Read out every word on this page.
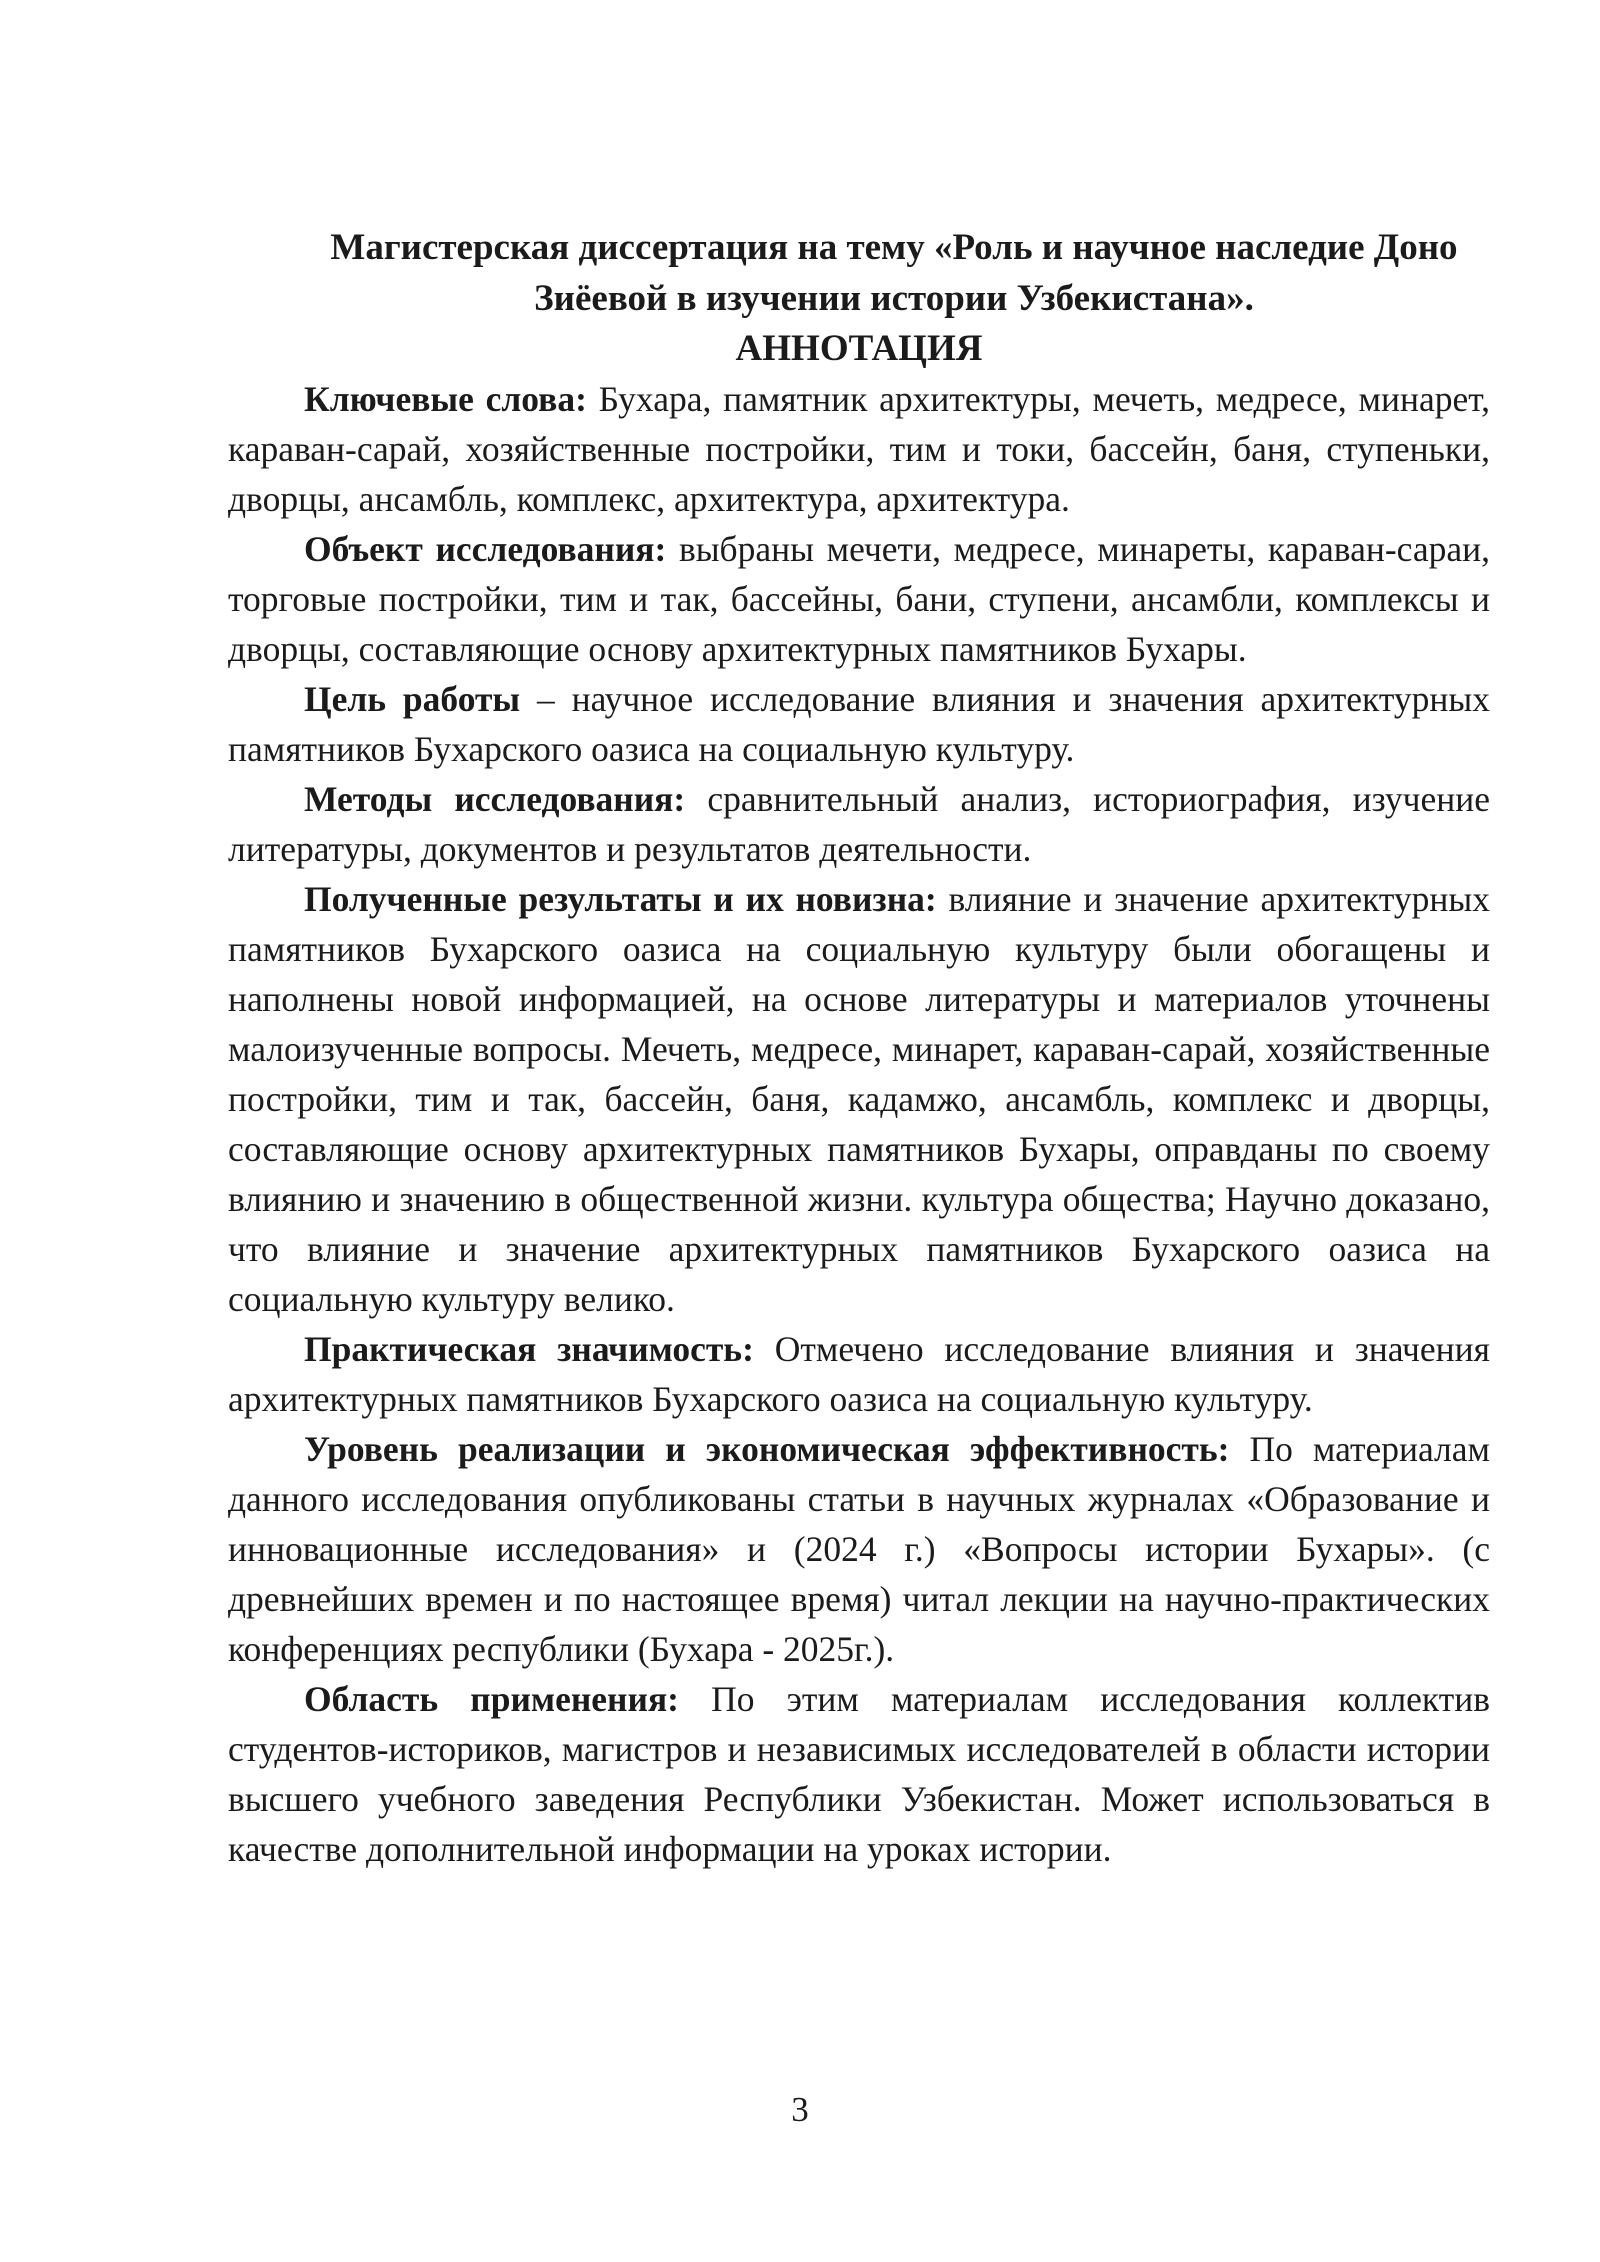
Магистерская диссертация на тему «Роль и научное наследие Доно
Зиёевой в изучении истории Узбекистана».

АННОТАЦИЯ

Ключевые слова: Бухара, памятник архитектуры, мечеть, медресе, минарет, караван-сарай, хозяйственные постройки, тим и токи, бассейн, баня, ступеньки, дворцы, ансамбль, комплекс, архитектура, архитектура.

Объект исследования: выбраны мечети, медресе, минареты, караван-сараи, торговые постройки, тим и так, бассейны, бани, ступени, ансамбли, комплексы и дворцы, составляющие основу архитектурных памятников Бухары.

Цель работы – научное исследование влияния и значения архитектурных памятников Бухарского оазиса на социальную культуру.

Методы исследования: сравнительный анализ, историография, изучение литературы, документов и результатов деятельности.

Полученные результаты и их новизна: влияние и значение архитектурных памятников Бухарского оазиса на социальную культуру были обогащены и наполнены новой информацией, на основе литературы и материалов уточнены малоизученные вопросы. Мечеть, медресе, минарет, караван-сарай, хозяйственные постройки, тим и так, бассейн, баня, кадамжо, ансамбль, комплекс и дворцы, составляющие основу архитектурных памятников Бухары, оправданы по своему влиянию и значению в общественной жизни. культура общества; Научно доказано, что влияние и значение архитектурных памятников Бухарского оазиса на социальную культуру велико.

Практическая значимость: Отмечено исследование влияния и значения архитектурных памятников Бухарского оазиса на социальную культуру.

Уровень реализации и экономическая эффективность: По материалам данного исследования опубликованы статьи в научных журналах «Образование и инновационные исследования» и (2024 г.) «Вопросы истории Бухары». (с древнейших времен и по настоящее время) читал лекции на научно-практических конференциях республики (Бухара - 2025г.).

Область применения: По этим материалам исследования коллектив студентов-историков, магистров и независимых исследователей в области истории высшего учебного заведения Республики Узбекистан. Может использоваться в качестве дополнительной информации на уроках истории.

3
